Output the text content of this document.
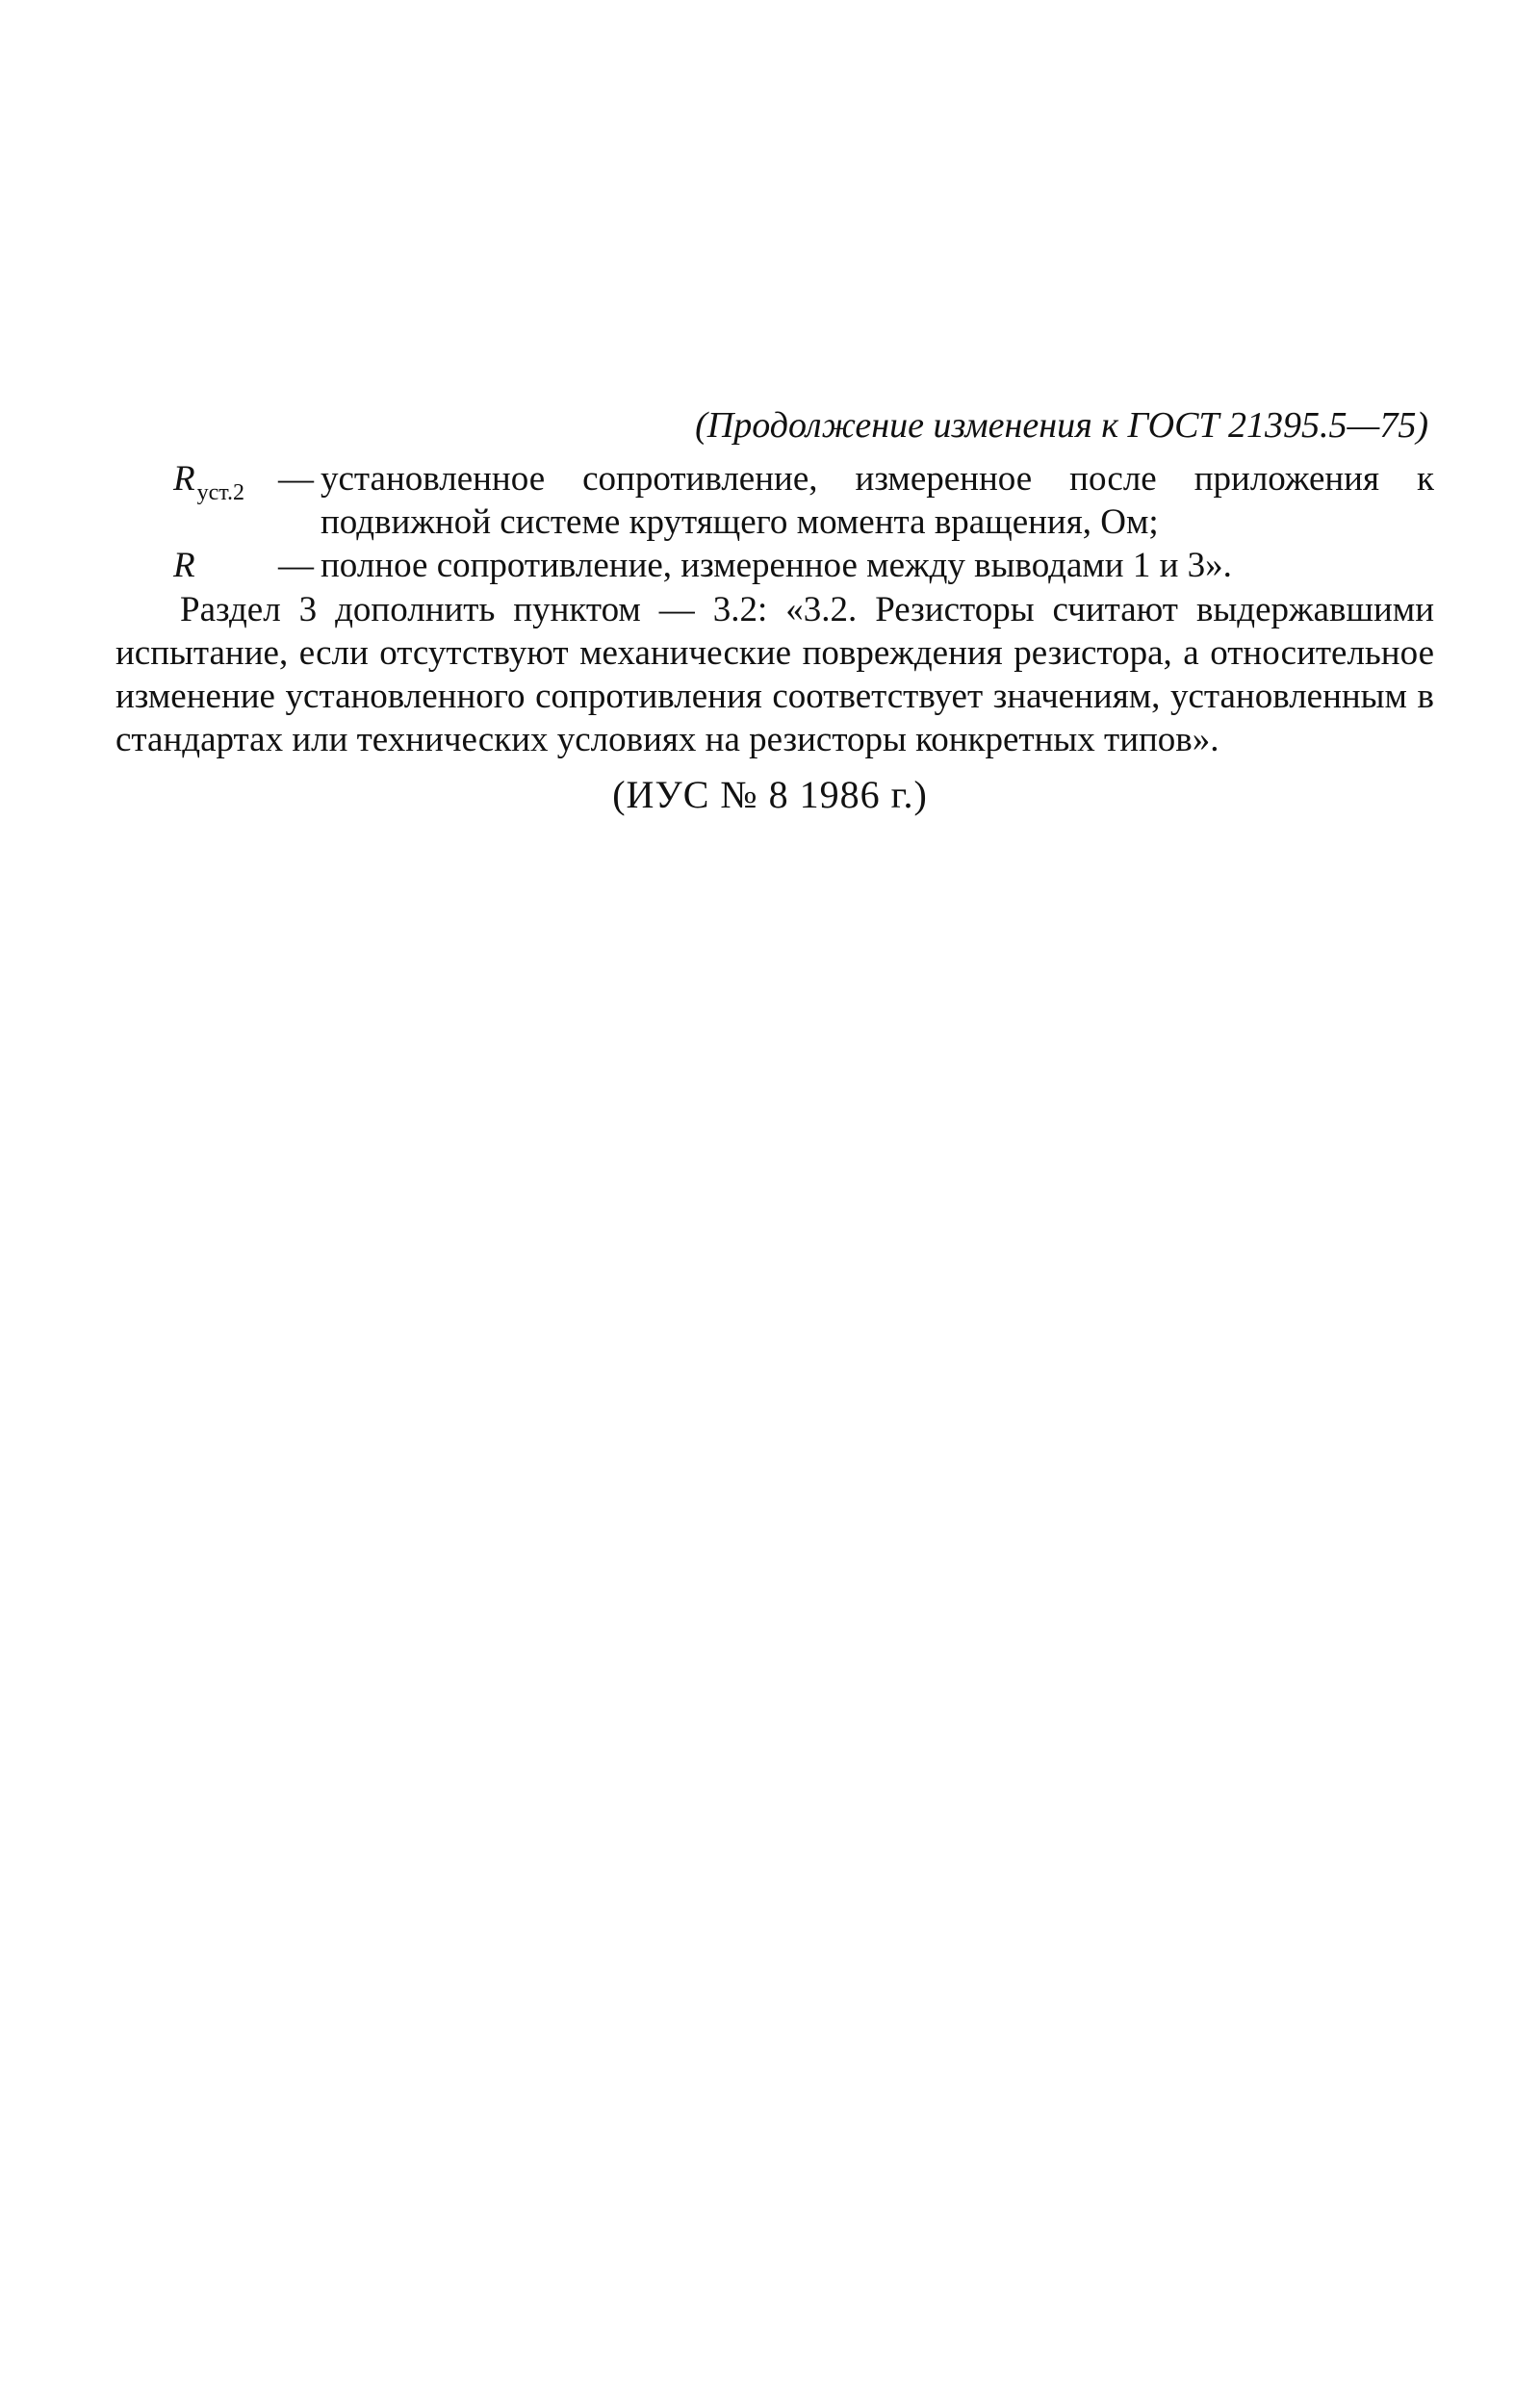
(Продолжение изменения к ГОСТ 21395.5—75)
$R_{уст.2}$ — установленное сопротивление, измеренное после приложения к
подвижной системе крутящего момента вращения, Ом;
R	— полное сопротивление, измеренное между выводами 1 и 3».
Раздел 3 дополнить пунктом — 3.2: «3.2. Резисторы считают выдержавшими испытание, если отсутствуют механические повреждения резистора, а относительное изменение установленного сопротивления соответствует значениям, установленным в стандартах или технических условиях на резисторы конкретных типов».
(ИУС № 8 1986 г.)
